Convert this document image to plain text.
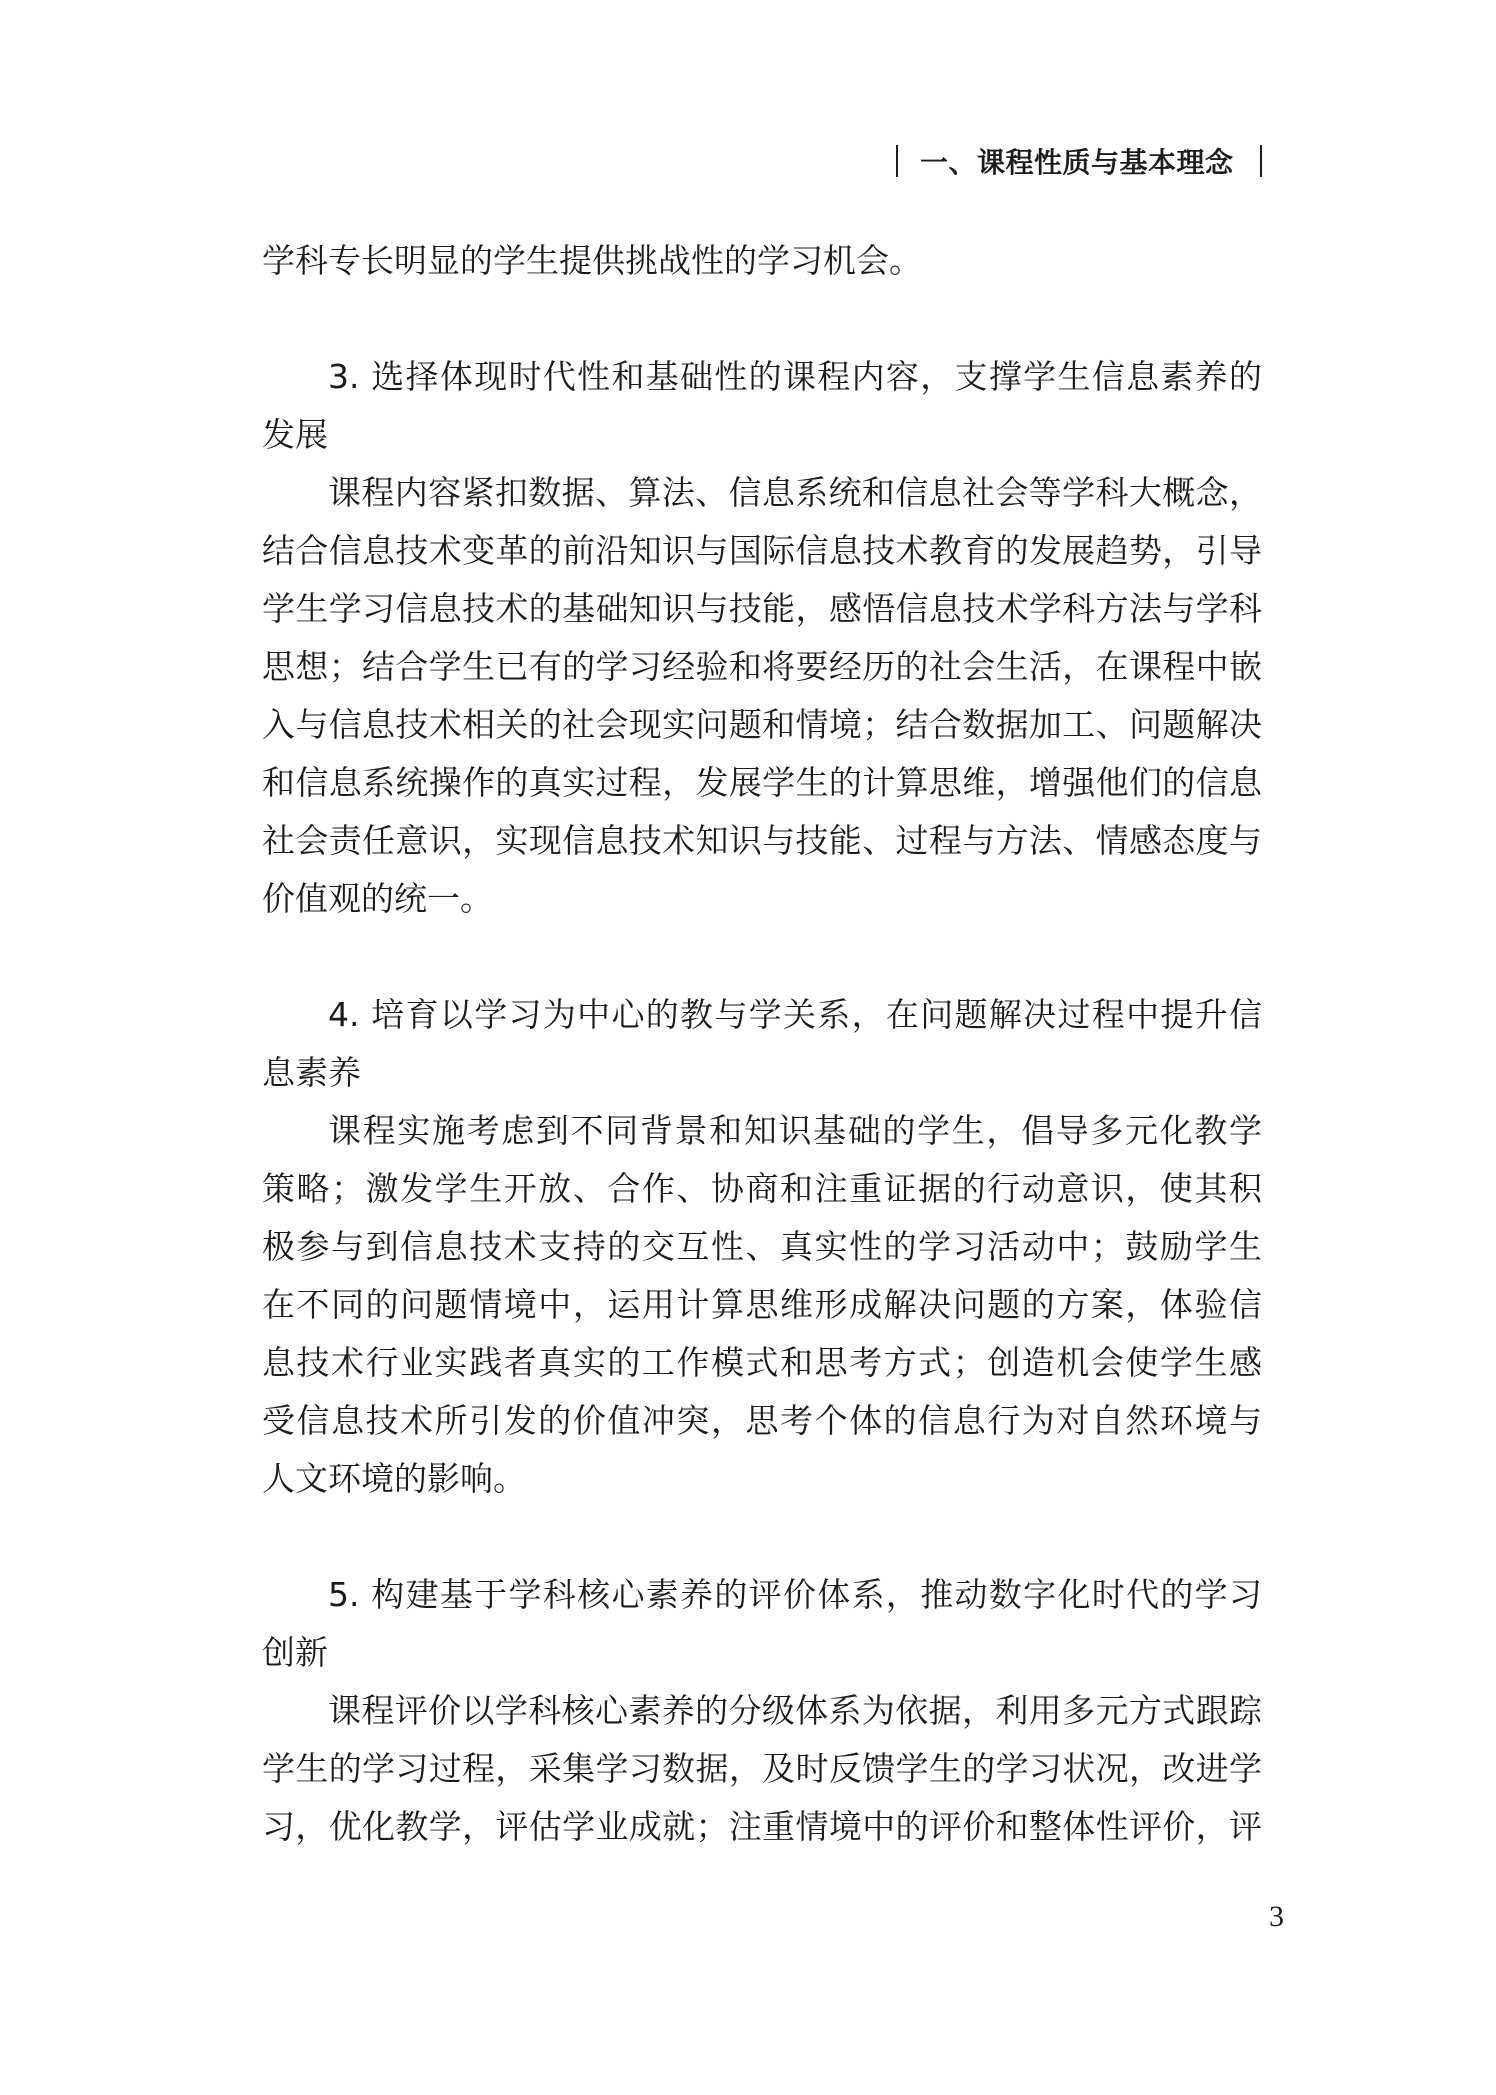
一、课程性质与基本理念
学科专长明显的学生提供挑战性的学习机会。
3. 选择体现时代性和基础性的课程内容，支撑学生信息素养的
发展
课程内容紧扣数据、算法、信息系统和信息社会等学科大概念，
结合信息技术变革的前沿知识与国际信息技术教育的发展趋势，引导
学生学习信息技术的基础知识与技能，感悟信息技术学科方法与学科
思想；结合学生已有的学习经验和将要经历的社会生活，在课程中嵌
入与信息技术相关的社会现实问题和情境；结合数据加工、问题解决
和信息系统操作的真实过程，发展学生的计算思维，增强他们的信息
社会责任意识，实现信息技术知识与技能、过程与方法、情感态度与
价值观的统一。
4. 培育以学习为中心的教与学关系，在问题解决过程中提升信
息素养
课程实施考虑到不同背景和知识基础的学生，倡导多元化教学
策略；激发学生开放、合作、协商和注重证据的行动意识，使其积
极参与到信息技术支持的交互性、真实性的学习活动中；鼓励学生
在不同的问题情境中，运用计算思维形成解决问题的方案，体验信
息技术行业实践者真实的工作模式和思考方式；创造机会使学生感
受信息技术所引发的价值冲突，思考个体的信息行为对自然环境与
人文环境的影响。
5. 构建基于学科核心素养的评价体系，推动数字化时代的学习
创新
课程评价以学科核心素养的分级体系为依据，利用多元方式跟踪
学生的学习过程，采集学习数据，及时反馈学生的学习状况，改进学
习，优化教学，评估学业成就；注重情境中的评价和整体性评价，评
3
